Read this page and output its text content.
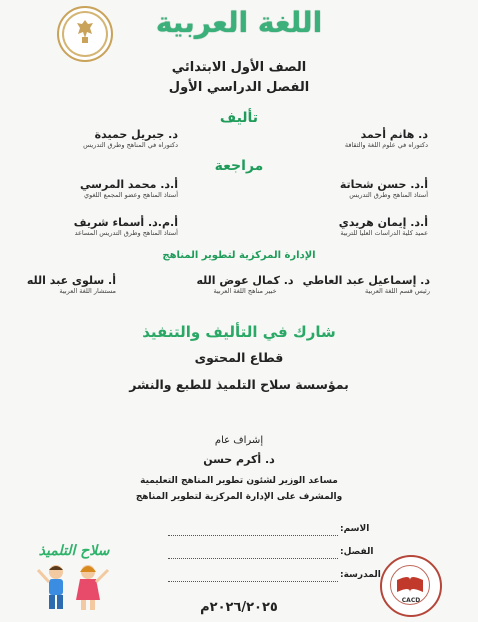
اللغة العربية
الصف الأول الابتدائي
الفصل الدراسي الأول
تأليف
د. هانم أحمد
دكتوراه في علوم اللغة والثقافة
د. جبريل حميدة
دكتوراه في المناهج وطرق التدريس
مراجعة
أ.د. حسن شحاتة
أستاذ المناهج وطرق التدريس
أ.د. محمد المرسي
أستاذ المناهج وعضو المجمع اللغوي
أ.د. إيمان هريدي
عميد كلية الدراسات العليا للتربية
أ.م.د. أسماء شريف
أستاذ المناهج وطرق التدريس المساعد
الإدارة المركزية لتطوير المناهج
د. إسماعيل عبد العاطي
رئيس قسم اللغة العربية
د. كمال عوض الله
خبير مناهج اللغة العربية
أ. سلوى عبد الله
مستشار اللغة العربية
شارك في التأليف والتنفيذ
قطاع المحتوى
بمؤسسة سلاح التلميذ للطبع والنشر
إشراف عام
د. أكرم حسن
مساعد الوزير لشئون تطوير المناهج التعليمية
والمشرف على الإدارة المركزية لتطوير المناهج
الاسم:
الفصل:
المدرسة:
سلاح التلميذ
CACD
٢٠٢٦/٢٠٢٥م
